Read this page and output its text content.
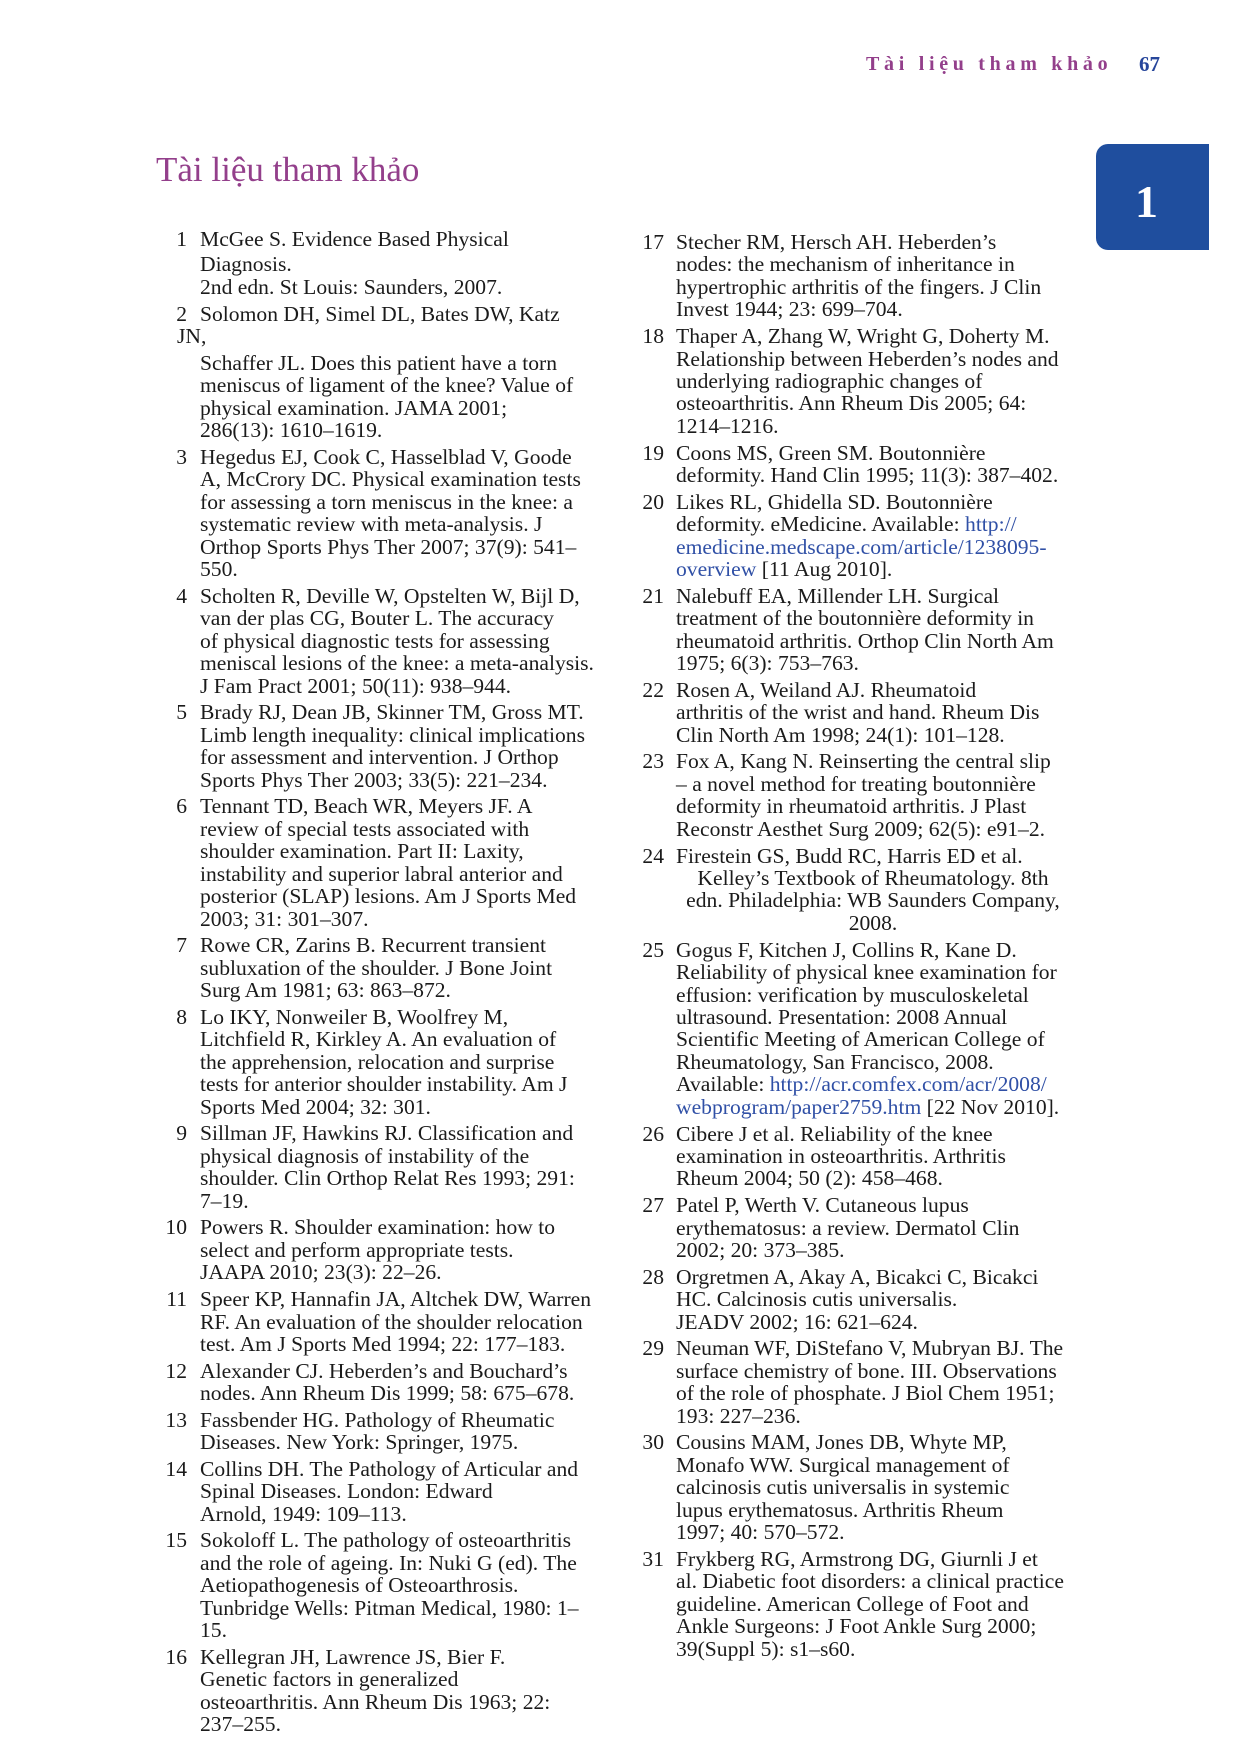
Tài liệu tham khảo 67
1
Tài liệu tham khảo
1 McGee S. Evidence Based Physical
Diagnosis.
2nd edn. St Louis: Saunders, 2007.
2 Solomon DH, Simel DL, Bates DW, Katz
JN,
Schaffer JL. Does this patient have a torn
meniscus of ligament of the knee? Value of
physical examination. JAMA 2001;
286(13): 1610–1619.
3 Hegedus EJ, Cook C, Hasselblad V, Goode
A, McCrory DC. Physical examination tests
for assessing a torn meniscus in the knee: a
systematic review with meta-analysis. J
Orthop Sports Phys Ther 2007; 37(9): 541–
550.
4 Scholten R, Deville W, Opstelten W, Bijl D,
van der plas CG, Bouter L. The accuracy
of physical diagnostic tests for assessing
meniscal lesions of the knee: a meta-analysis.
J Fam Pract 2001; 50(11): 938–944.
5 Brady RJ, Dean JB, Skinner TM, Gross MT.
Limb length inequality: clinical implications
for assessment and intervention. J Orthop
Sports Phys Ther 2003; 33(5): 221–234.
6 Tennant TD, Beach WR, Meyers JF. A
review of special tests associated with
shoulder examination. Part II: Laxity,
instability and superior labral anterior and
posterior (SLAP) lesions. Am J Sports Med
2003; 31: 301–307.
7 Rowe CR, Zarins B. Recurrent transient
subluxation of the shoulder. J Bone Joint
Surg Am 1981; 63: 863–872.
8 Lo IKY, Nonweiler B, Woolfrey M,
Litchfield R, Kirkley A. An evaluation of
the apprehension, relocation and surprise
tests for anterior shoulder instability. Am J
Sports Med 2004; 32: 301.
9 Sillman JF, Hawkins RJ. Classification and
physical diagnosis of instability of the
shoulder. Clin Orthop Relat Res 1993; 291:
7–19.
10 Powers R. Shoulder examination: how to
select and perform appropriate tests.
JAAPA 2010; 23(3): 22–26.
11 Speer KP, Hannafin JA, Altchek DW, Warren
RF. An evaluation of the shoulder relocation
test. Am J Sports Med 1994; 22: 177–183.
12 Alexander CJ. Heberden’s and Bouchard’s
nodes. Ann Rheum Dis 1999; 58: 675–678.
13 Fassbender HG. Pathology of Rheumatic
Diseases. New York: Springer, 1975.
14 Collins DH. The Pathology of Articular and
Spinal Diseases. London: Edward
Arnold, 1949: 109–113.
15 Sokoloff L. The pathology of osteoarthritis
and the role of ageing. In: Nuki G (ed). The
Aetiopathogenesis of Osteoarthrosis.
Tunbridge Wells: Pitman Medical, 1980: 1–
15.
16 Kellegran JH, Lawrence JS, Bier F.
Genetic factors in generalized
osteoarthritis. Ann Rheum Dis 1963; 22:
237–255.
17 Stecher RM, Hersch AH. Heberden’s
nodes: the mechanism of inheritance in
hypertrophic arthritis of the fingers. J Clin
Invest 1944; 23: 699–704.
18 Thaper A, Zhang W, Wright G, Doherty M.
Relationship between Heberden’s nodes and
underlying radiographic changes of
osteoarthritis. Ann Rheum Dis 2005; 64:
1214–1216.
19 Coons MS, Green SM. Boutonnière
deformity. Hand Clin 1995; 11(3): 387–402.
20 Likes RL, Ghidella SD. Boutonnière
deformity. eMedicine. Available: http://
emedicine.medscape.com/article/1238095-
overview [11 Aug 2010].
21 Nalebuff EA, Millender LH. Surgical
treatment of the boutonnière deformity in
rheumatoid arthritis. Orthop Clin North Am
1975; 6(3): 753–763.
22 Rosen A, Weiland AJ. Rheumatoid
arthritis of the wrist and hand. Rheum Dis
Clin North Am 1998; 24(1): 101–128.
23 Fox A, Kang N. Reinserting the central slip
– a novel method for treating boutonnière
deformity in rheumatoid arthritis. J Plast
Reconstr Aesthet Surg 2009; 62(5): e91–2.
24 Firestein GS, Budd RC, Harris ED et al.
Kelley’s Textbook of Rheumatology. 8th
edn. Philadelphia: WB Saunders Company,
2008.
25 Gogus F, Kitchen J, Collins R, Kane D.
Reliability of physical knee examination for
effusion: verification by musculoskeletal
ultrasound. Presentation: 2008 Annual
Scientific Meeting of American College of
Rheumatology, San Francisco, 2008.
Available: http://acr.comfex.com/acr/2008/
webprogram/paper2759.htm [22 Nov 2010].
26 Cibere J et al. Reliability of the knee
examination in osteoarthritis. Arthritis
Rheum 2004; 50 (2): 458–468.
27 Patel P, Werth V. Cutaneous lupus
erythematosus: a review. Dermatol Clin
2002; 20: 373–385.
28 Orgretmen A, Akay A, Bicakci C, Bicakci
HC. Calcinosis cutis universalis.
JEADV 2002; 16: 621–624.
29 Neuman WF, DiStefano V, Mubryan BJ. The
surface chemistry of bone. III. Observations
of the role of phosphate. J Biol Chem 1951;
193: 227–236.
30 Cousins MAM, Jones DB, Whyte MP,
Monafo WW. Surgical management of
calcinosis cutis universalis in systemic
lupus erythematosus. Arthritis Rheum
1997; 40: 570–572.
31 Frykberg RG, Armstrong DG, Giurnli J et
al. Diabetic foot disorders: a clinical practice
guideline. American College of Foot and
Ankle Surgeons: J Foot Ankle Surg 2000;
39(Suppl 5): s1–s60.
